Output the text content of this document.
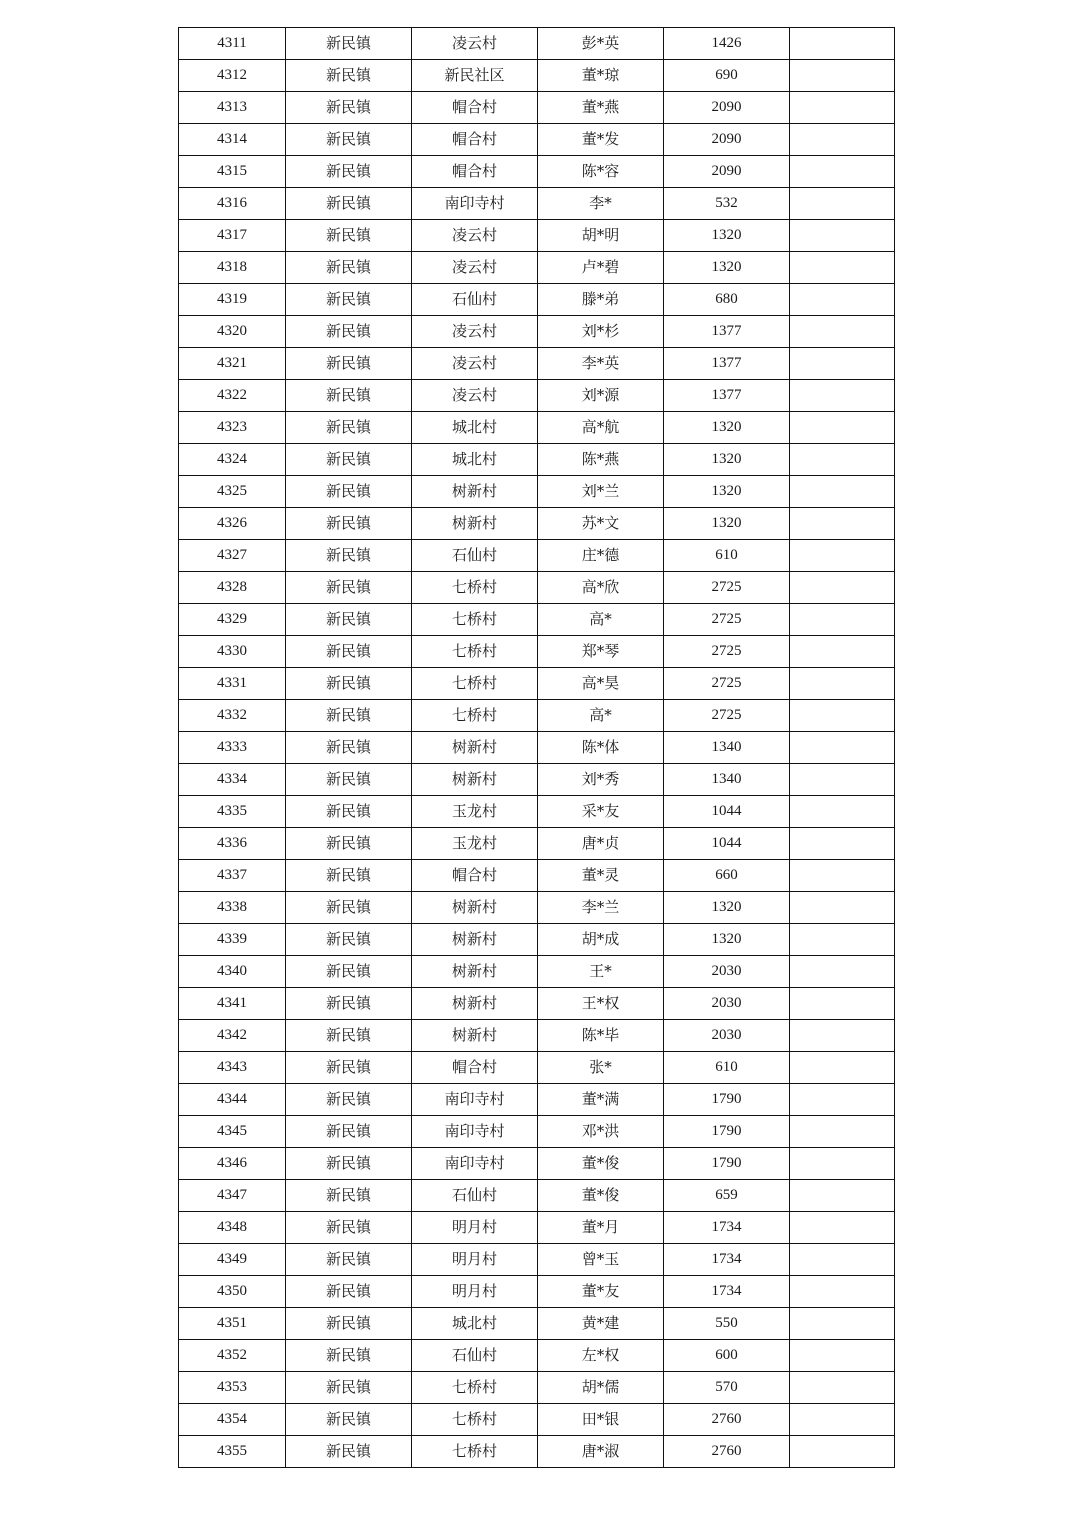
4311	新民镇	凌云村	彭*英	1426	
4312	新民镇	新民社区	董*琼	690	
4313	新民镇	帽合村	董*燕	2090	
4314	新民镇	帽合村	董*发	2090	
4315	新民镇	帽合村	陈*容	2090	
4316	新民镇	南印寺村	李*	532	
4317	新民镇	凌云村	胡*明	1320	
4318	新民镇	凌云村	卢*碧	1320	
4319	新民镇	石仙村	滕*弟	680	
4320	新民镇	凌云村	刘*杉	1377	
4321	新民镇	凌云村	李*英	1377	
4322	新民镇	凌云村	刘*源	1377	
4323	新民镇	城北村	高*航	1320	
4324	新民镇	城北村	陈*燕	1320	
4325	新民镇	树新村	刘*兰	1320	
4326	新民镇	树新村	苏*文	1320	
4327	新民镇	石仙村	庄*德	610	
4328	新民镇	七桥村	高*欣	2725	
4329	新民镇	七桥村	高*	2725	
4330	新民镇	七桥村	郑*琴	2725	
4331	新民镇	七桥村	高*昊	2725	
4332	新民镇	七桥村	高*	2725	
4333	新民镇	树新村	陈*体	1340	
4334	新民镇	树新村	刘*秀	1340	
4335	新民镇	玉龙村	采*友	1044	
4336	新民镇	玉龙村	唐*贞	1044	
4337	新民镇	帽合村	董*灵	660	
4338	新民镇	树新村	李*兰	1320	
4339	新民镇	树新村	胡*成	1320	
4340	新民镇	树新村	王*	2030	
4341	新民镇	树新村	王*权	2030	
4342	新民镇	树新村	陈*毕	2030	
4343	新民镇	帽合村	张*	610	
4344	新民镇	南印寺村	董*满	1790	
4345	新民镇	南印寺村	邓*洪	1790	
4346	新民镇	南印寺村	董*俊	1790	
4347	新民镇	石仙村	董*俊	659	
4348	新民镇	明月村	董*月	1734	
4349	新民镇	明月村	曾*玉	1734	
4350	新民镇	明月村	董*友	1734	
4351	新民镇	城北村	黄*建	550	
4352	新民镇	石仙村	左*权	600	
4353	新民镇	七桥村	胡*儒	570	
4354	新民镇	七桥村	田*银	2760	
4355	新民镇	七桥村	唐*淑	2760	
